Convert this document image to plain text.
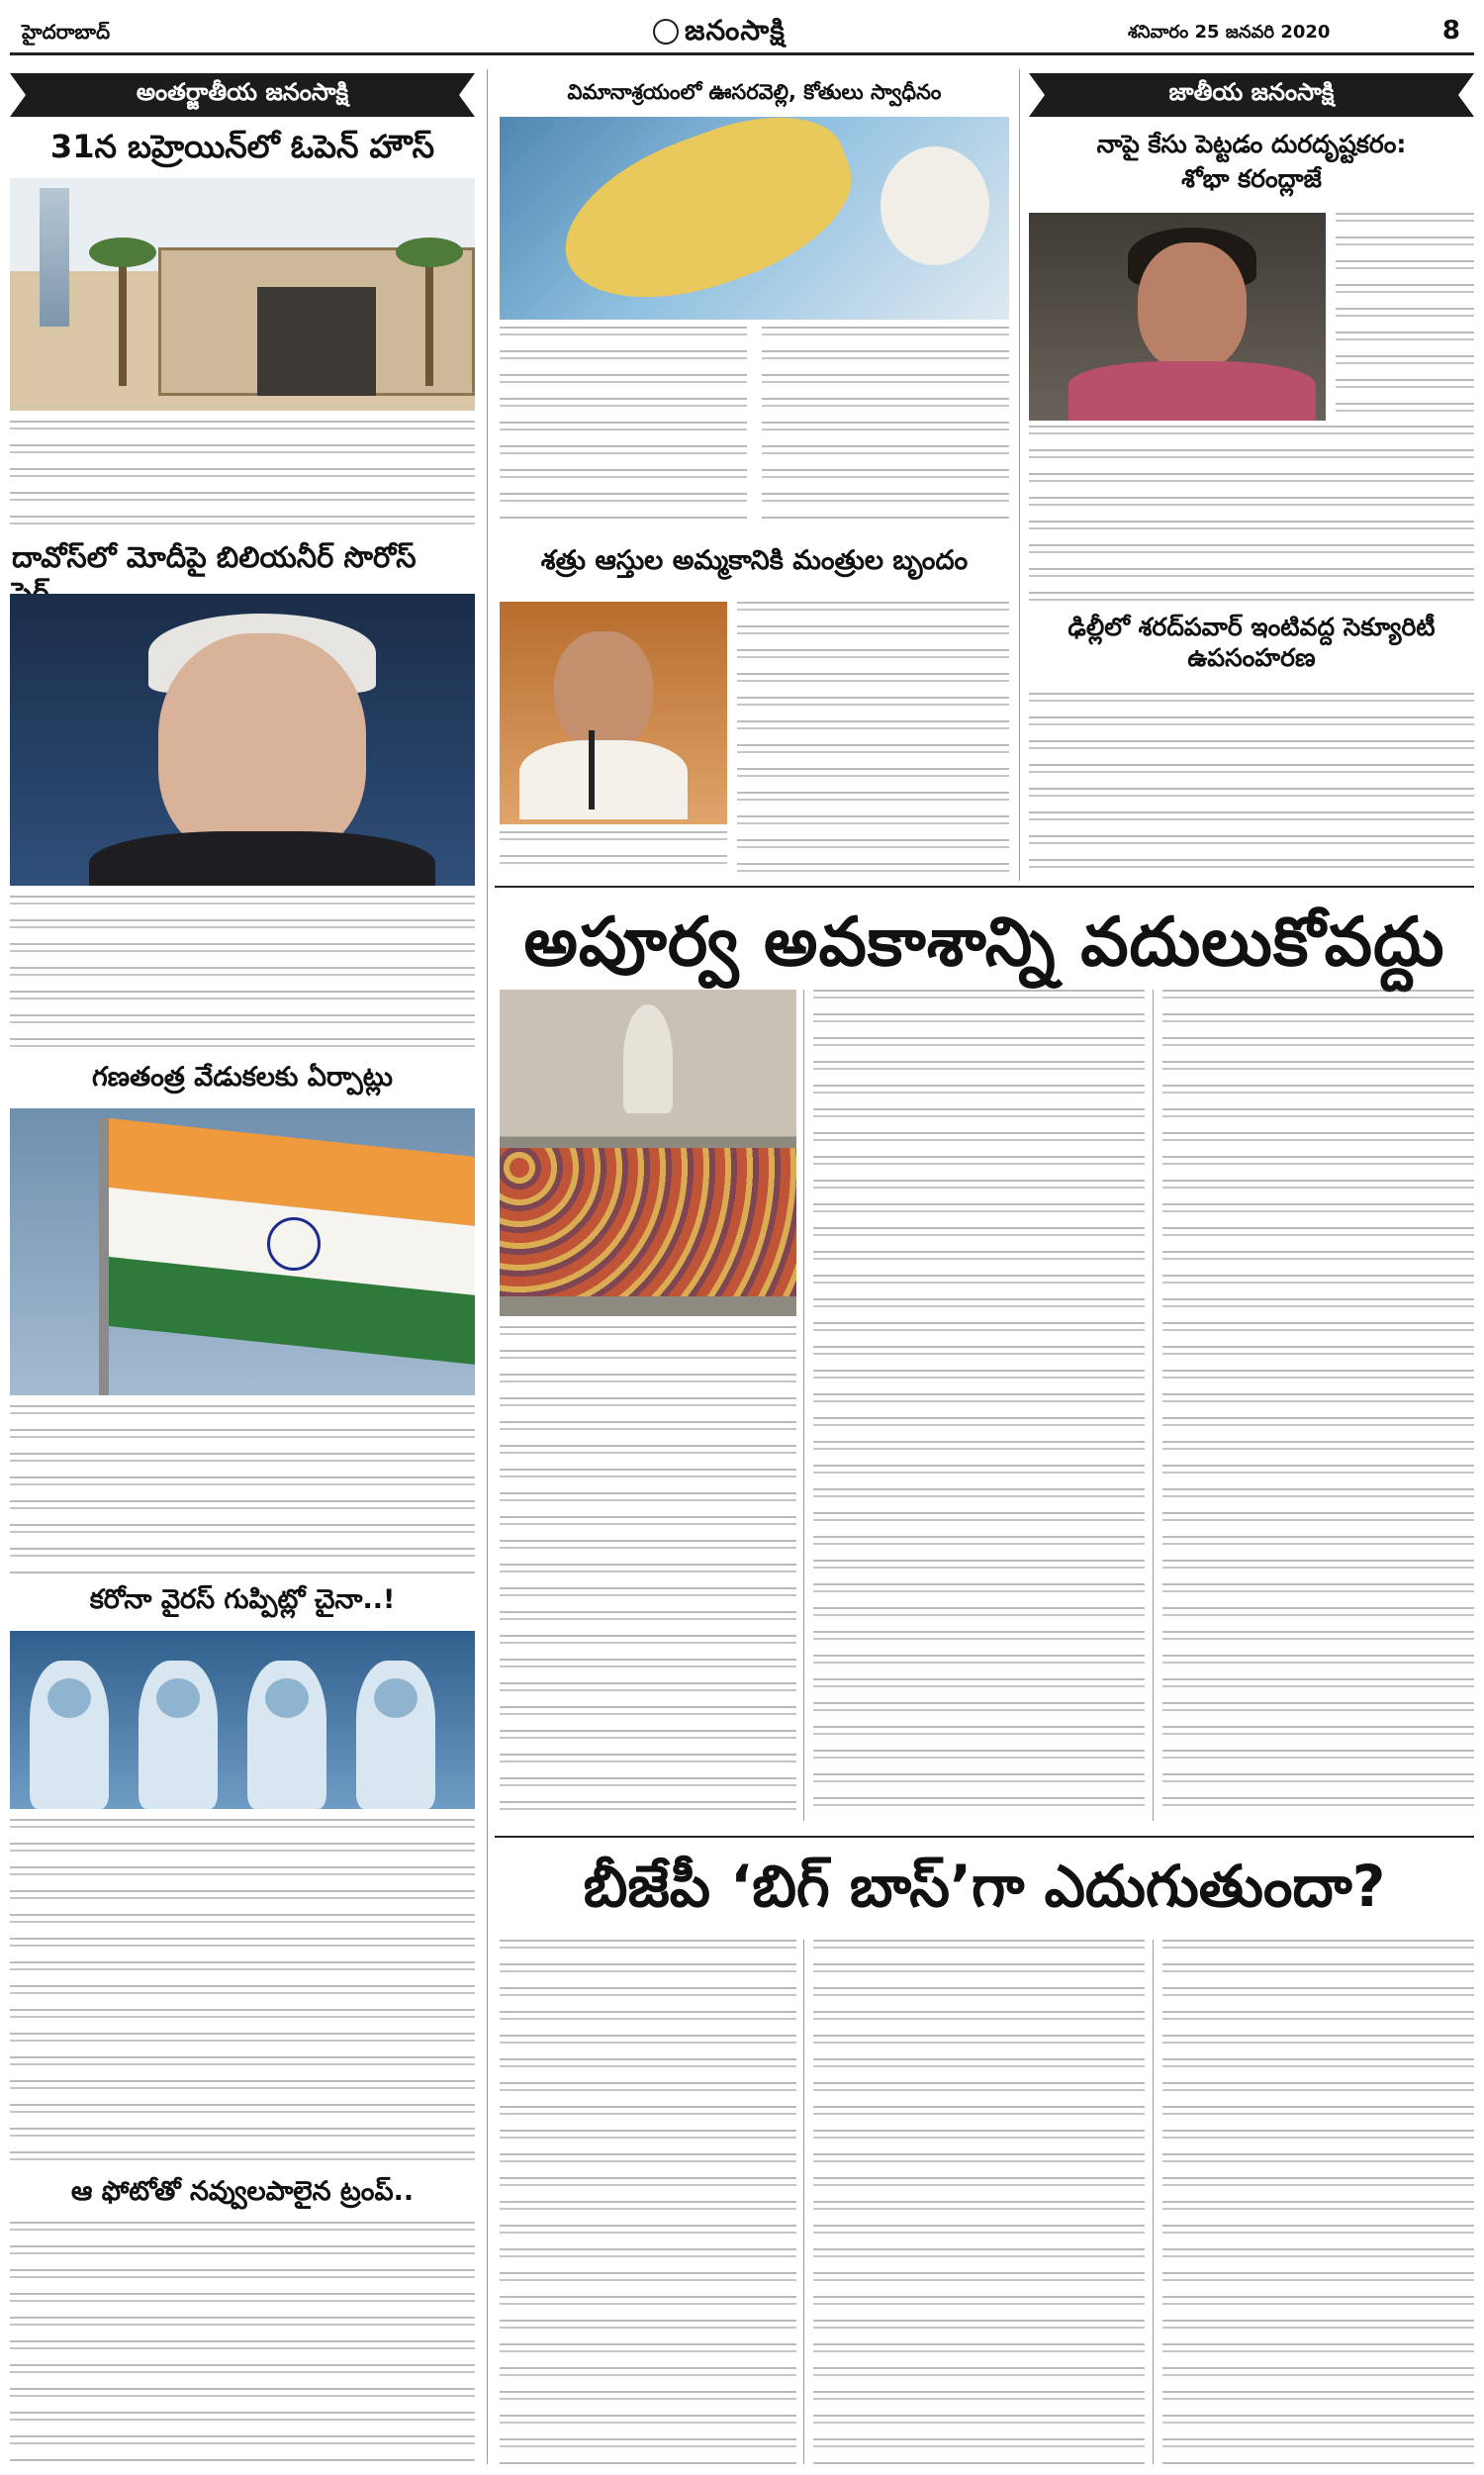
హైదరాబాద్	జనంసాక్షి	శనివారం 25 జనవరి 2020	8
అంతర్జాతీయ జనంసాక్షి	జాతీయ జనంసాక్షి
31న బహ్రెయిన్‌లో ఓపెన్‌ హౌస్‌
దావోస్‌లో మోదీపై బిలియనీర్‌ సొరోస్‌
గణతంత్ర వేడుకలకు ఏర్పాట్లు
కరోనా వైరస్‌ గుప్పిట్లో చైనా..!
ఆ ఫోటోతో నవ్వులపాలైన ట్రంప్‌..
విమానాశ్రయంలో ఊసరవెల్లి, కోతులు స్వాధీనం
శత్రు ఆస్తుల అమ్మకానికి మంత్రుల బృందం
నాపై కేసు పెట్టడం దురదృష్టకరం:
శోభా కరంద్లాజే
ఢిల్లీలో శరద్‌పవార్‌ ఇంటివద్ద సెక్యూరిటీ ఉపసంహరణ
అపూర్వ అవకాశాన్ని వదులుకోవద్దు
బీజేపీ ‘బిగ్‌ బాస్‌’గా ఎదుగుతుందా?
